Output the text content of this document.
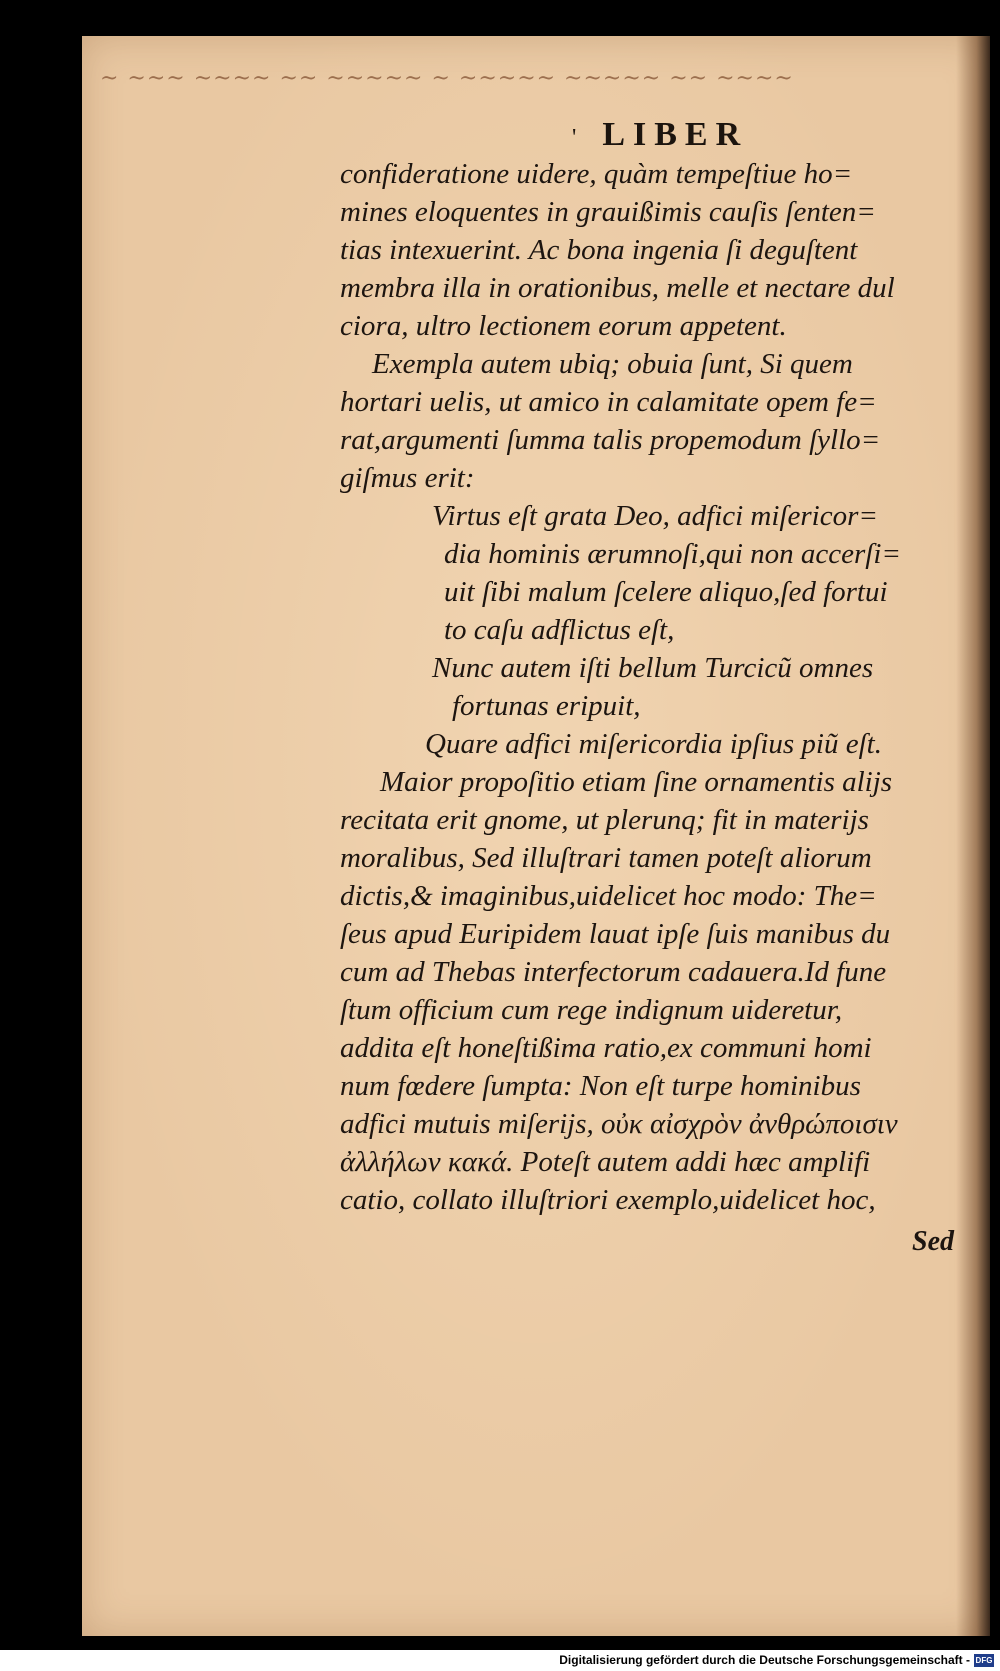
~ ~~~ ~~~~ ~~ ~~~~~ ~ ~~~~~ ~~~~~ ~~ ~~~~
' LIBER
confideratione uidere, quàm tempeſtiue ho=
mines eloquentes in grauißimis cauſis ſenten=
tias intexuerint. Ac bona ingenia ſi deguſtent
membra illa in orationibus, melle et nectare dul
ciora, ultro lectionem eorum appetent.
Exempla autem ubiq; obuia ſunt, Si quem
hortari uelis, ut amico in calamitate opem fe=
rat,argumenti ſumma talis propemodum ſyllo=
giſmus erit:
Virtus eſt grata Deo, adfici miſericor=
dia hominis ærumnoſi,qui non accerſi=
uit ſibi malum ſcelere aliquo,ſed fortui
to caſu adflictus eſt,
Nunc autem iſti bellum Turcicũ omnes
fortunas eripuit,
Quare adfici miſericordia ipſius piũ eſt.
Maior propoſitio etiam ſine ornamentis alijs
recitata erit gnome, ut plerunq; fit in materijs
moralibus, Sed illuſtrari tamen poteſt aliorum
dictis,& imaginibus,uidelicet hoc modo: The=
ſeus apud Euripidem lauat ipſe ſuis manibus du
cum ad Thebas interfectorum cadauera.Id fune
ſtum officium cum rege indignum uideretur,
addita eſt honeſtißima ratio,ex communi homi
num fœdere ſumpta: Non eſt turpe hominibus
adfici mutuis miſerijs, οὐκ αἰσχρὸν ἀνθρώποισιν
ἀλλήλων κακά. Poteſt autem addi hæc amplifi
catio, collato illuſtriori exemplo,uidelicet hoc,
Sed
Digitalisierung gefördert durch die Deutsche Forschungsgemeinschaft - DFG
